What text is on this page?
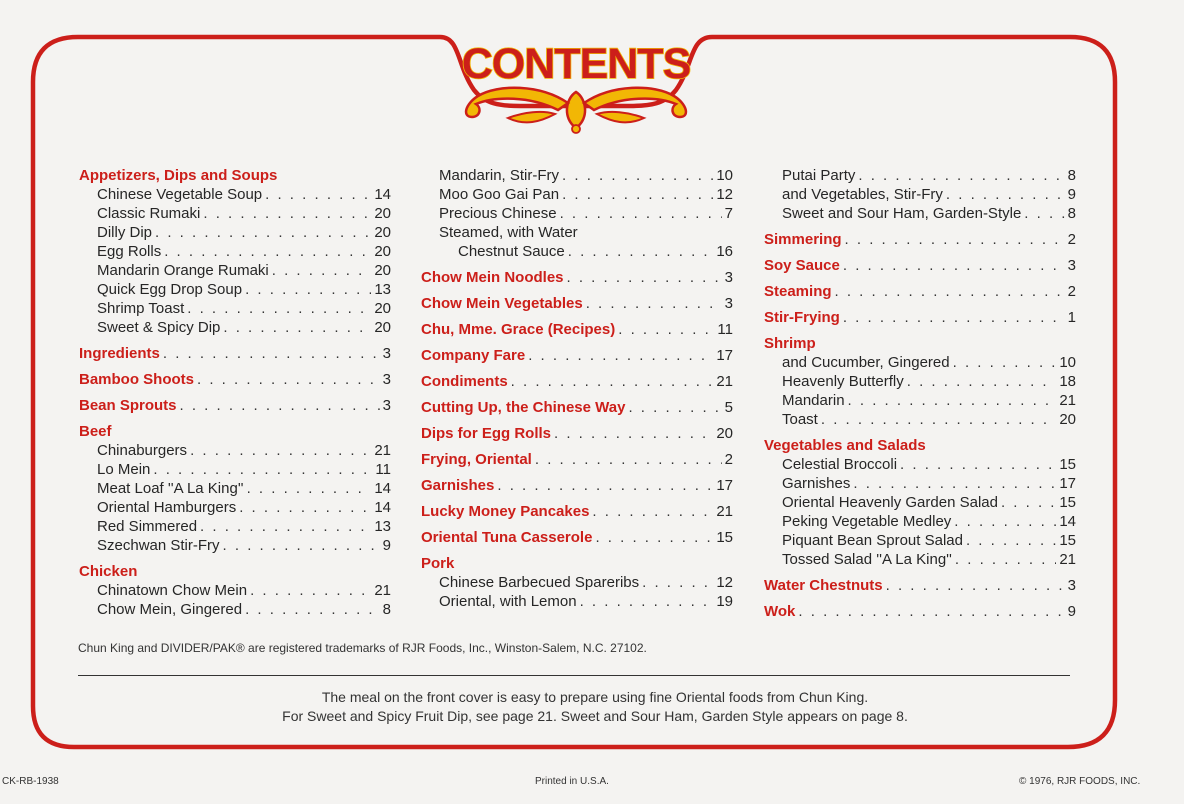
CONTENTS
Appetizers, Dips and Soups
Chinese Vegetable Soup . . .	14
Classic Rumaki . . .	20
Dilly Dip . . .	20
Egg Rolls . . .	20
Mandarin Orange Rumaki . . .	20
Quick Egg Drop Soup . . .	13
Shrimp Toast . . .	20
Sweet & Spicy Dip . . .	20
Ingredients . . .	3
Bamboo Shoots . . .	3
Bean Sprouts . . .	3
Beef
Chinaburgers . . .	21
Lo Mein . . .	11
Meat Loaf ''A La King'' . . .	14
Oriental Hamburgers . . .	14
Red Simmered . . .	13
Szechwan Stir-Fry . . .	9
Chicken
Chinatown Chow Mein . . .	21
Chow Mein, Gingered . . .	8
Mandarin, Stir-Fry . . .	10
Moo Goo Gai Pan . . .	12
Precious Chinese . . .	7
Steamed, with Water
Chestnut Sauce . . .	16
Chow Mein Noodles . . .	3
Chow Mein Vegetables . . .	3
Chu, Mme. Grace (Recipes) . . .	11
Company Fare . . .	17
Condiments . . .	21
Cutting Up, the Chinese Way . . .	5
Dips for Egg Rolls . . .	20
Frying, Oriental . . .	2
Garnishes . . .	17
Lucky Money Pancakes . . .	21
Oriental Tuna Casserole . . .	15
Pork
Chinese Barbecued Spareribs . . .	12
Oriental, with Lemon . . .	19
Putai Party . . .	8
and Vegetables, Stir-Fry . . .	9
Sweet and Sour Ham, Garden-Style . . .	8
Simmering . . .	2
Soy Sauce . . .	3
Steaming . . .	2
Stir-Frying . . .	1
Shrimp
and Cucumber, Gingered . . .	10
Heavenly Butterfly . . .	18
Mandarin . . .	21
Toast . . .	20
Vegetables and Salads
Celestial Broccoli . . .	15
Garnishes . . .	17
Oriental Heavenly Garden Salad . . .	15
Peking Vegetable Medley . . .	14
Piquant Bean Sprout Salad . . .	15
Tossed Salad ''A La King'' . . .	21
Water Chestnuts . . .	3
Wok . . .	9
Chun King and DIVIDER/PAK® are registered trademarks of RJR Foods, Inc., Winston-Salem, N.C. 27102.
The meal on the front cover is easy to prepare using fine Oriental foods from Chun King.
For Sweet and Spicy Fruit Dip, see page 21. Sweet and Sour Ham, Garden Style appears on page 8.
CK-RB-1938	Printed in U.S.A.	© 1976, RJR FOODS, INC.
